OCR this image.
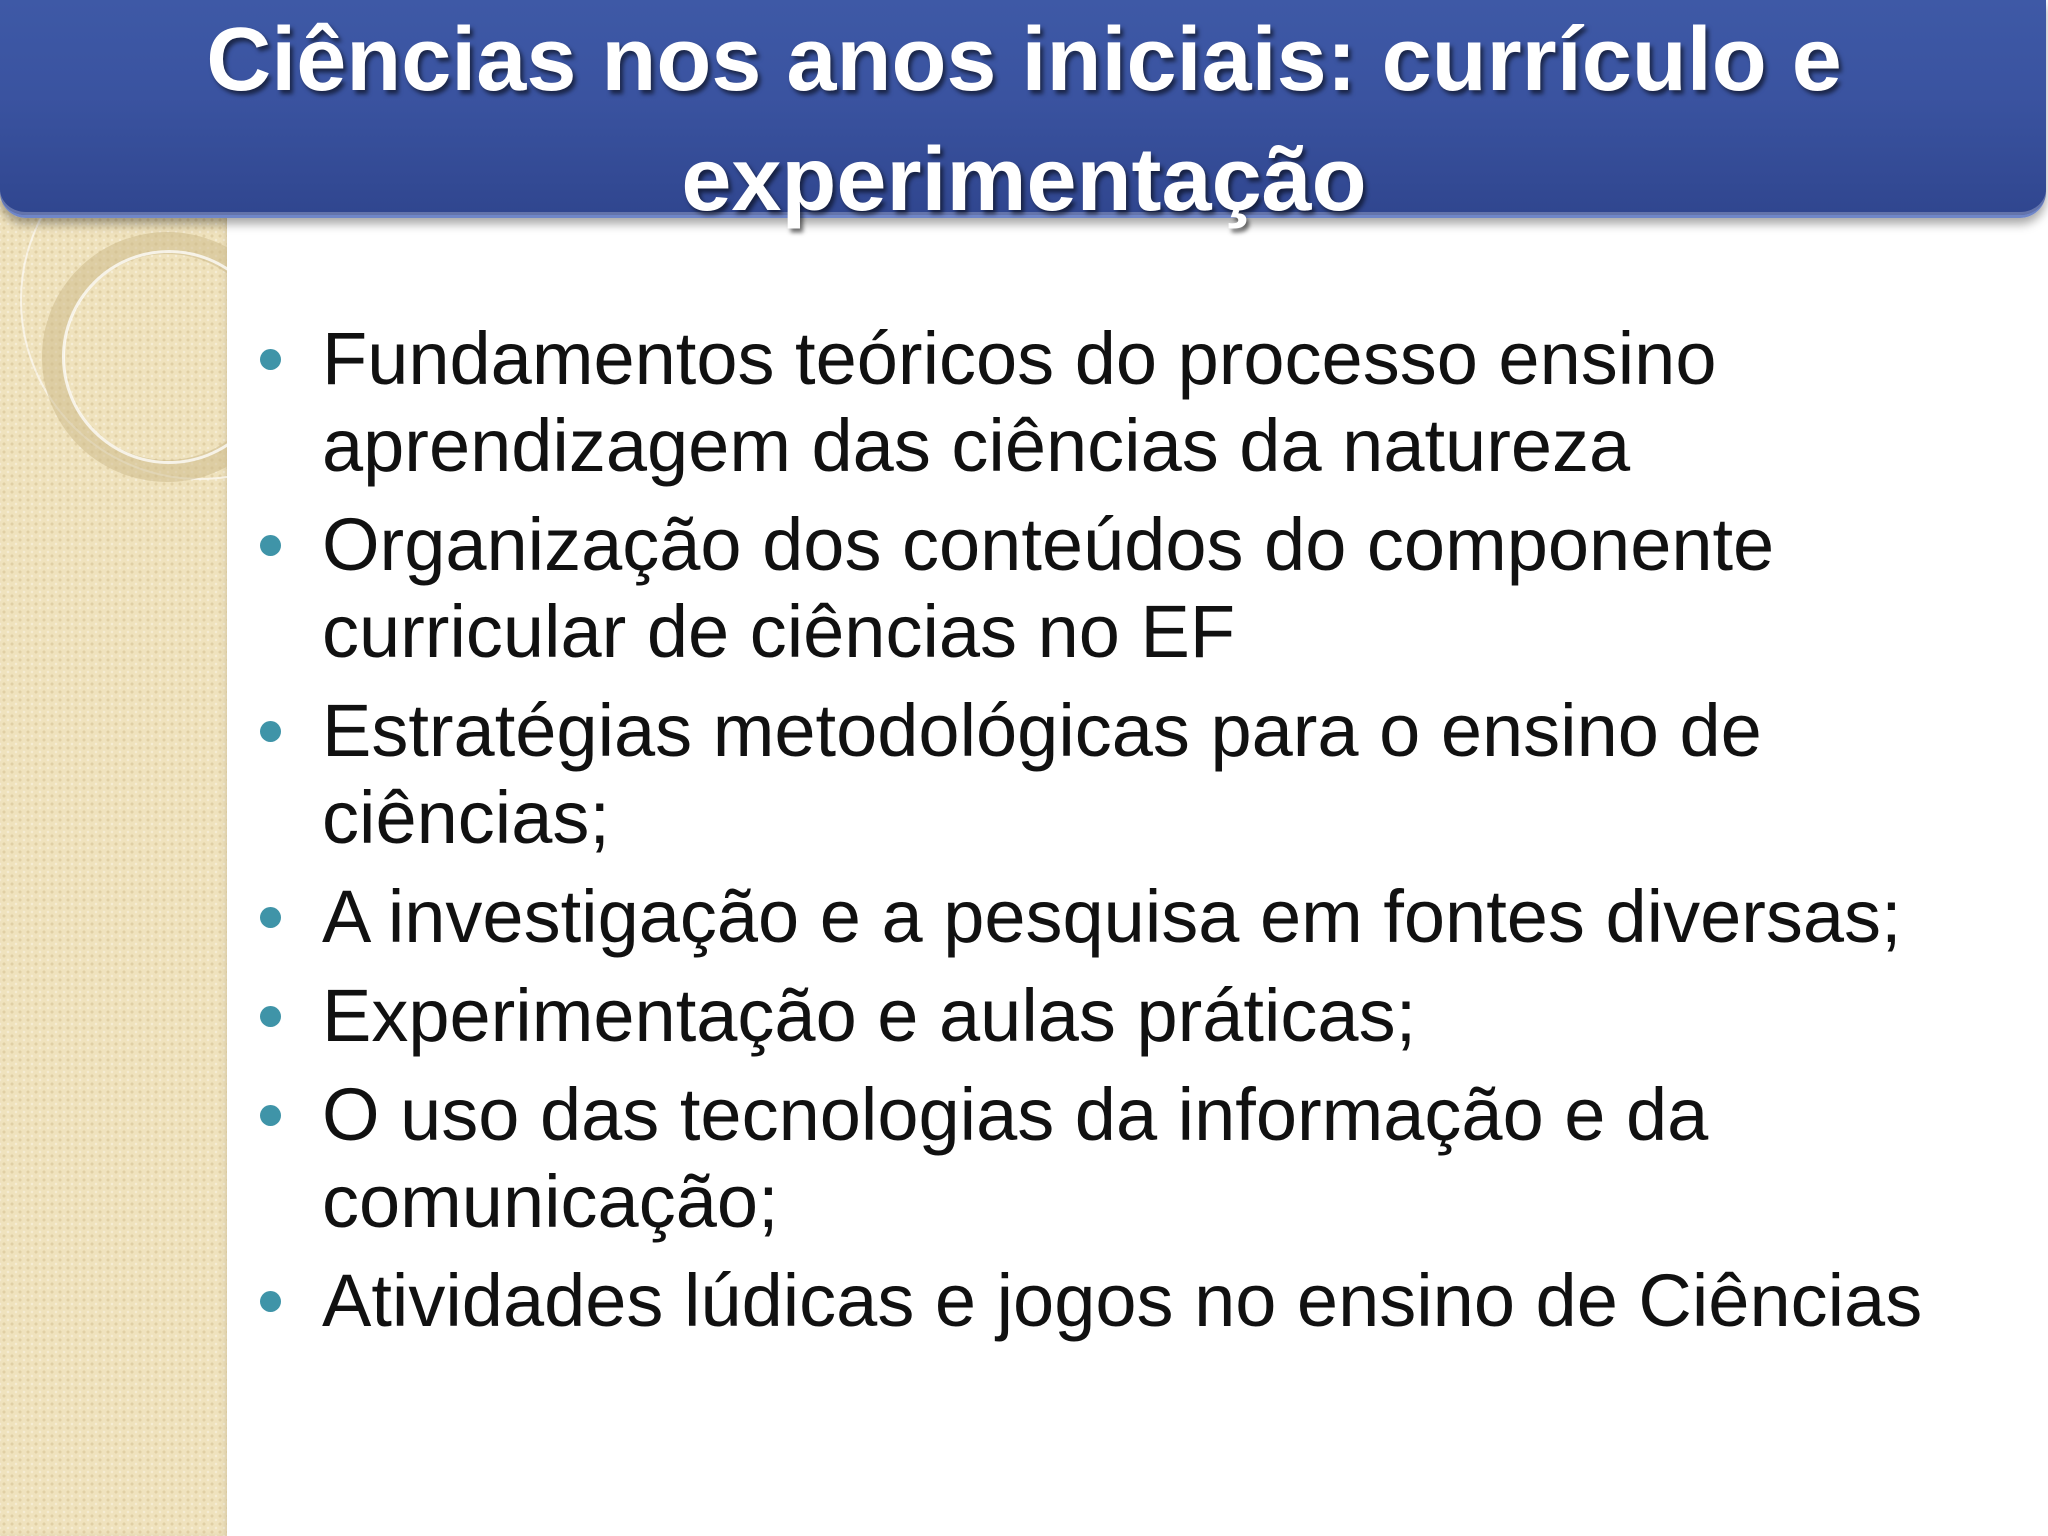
Ciências nos anos iniciais: currículo e experimentação
Fundamentos teóricos do processo ensino aprendizagem das ciências da natureza
Organização dos conteúdos do componente curricular de ciências no EF
Estratégias metodológicas para o ensino de ciências;
A investigação e a pesquisa em fontes diversas;
Experimentação e aulas práticas;
O uso das tecnologias da informação e da comunicação;
Atividades lúdicas e jogos no ensino de Ciências
